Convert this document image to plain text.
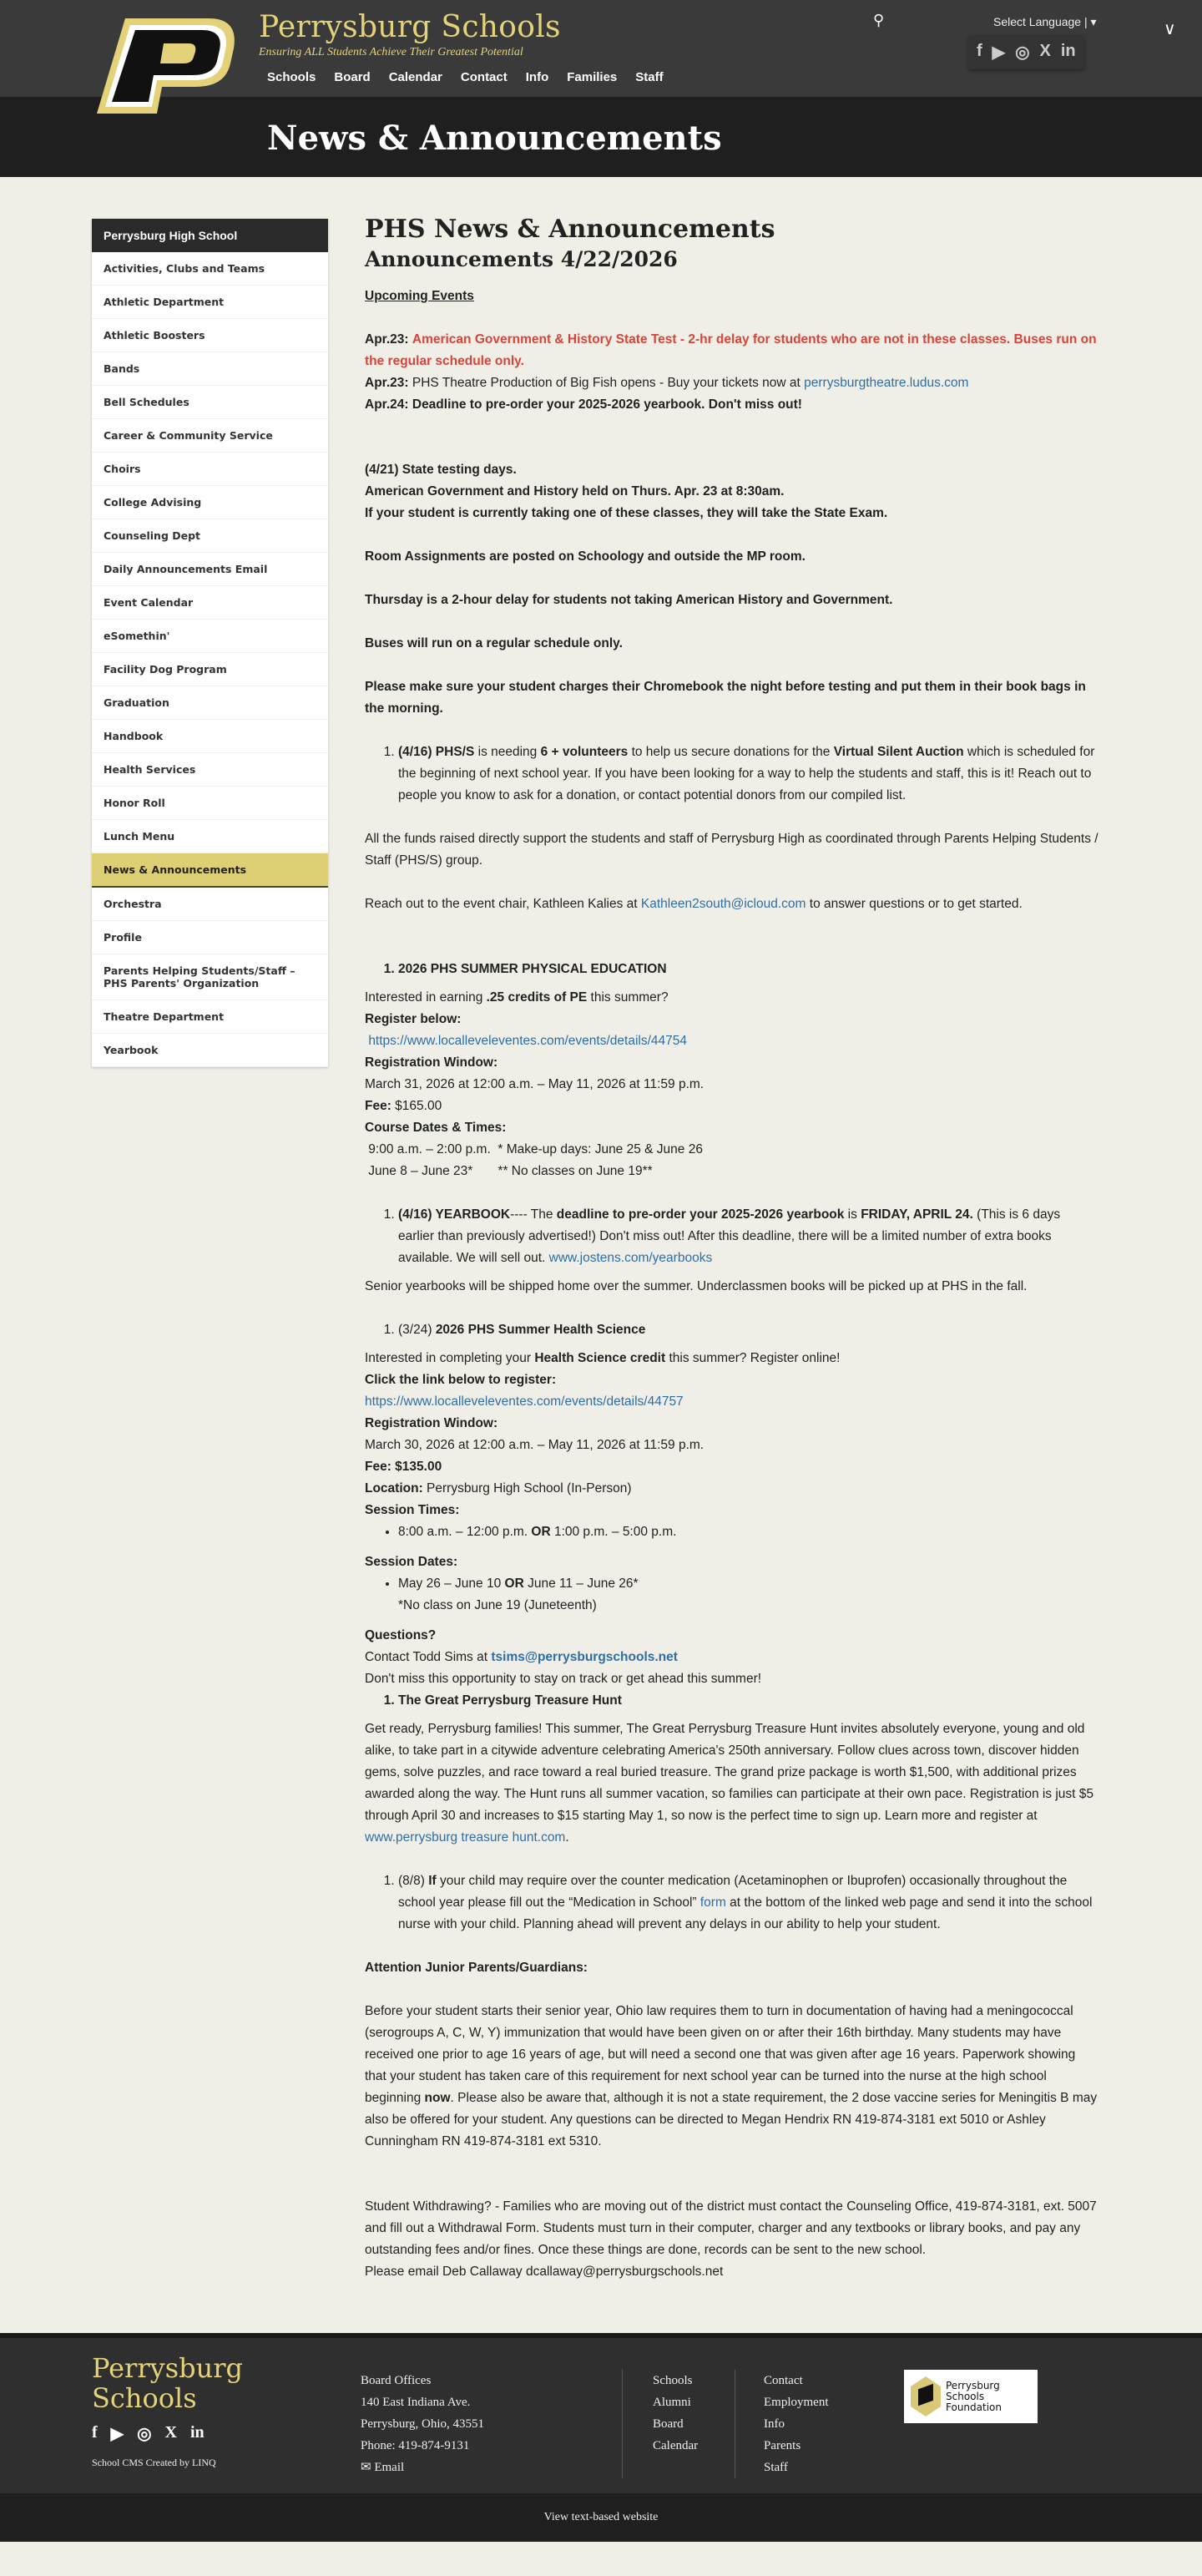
Perrysburg Schools
Ensuring ALL Students Achieve Their Greatest Potential
Schools Board Calendar Contact Info Families Staff
⚲	Select Language | ▾
f ▶ ◎ X in
∨
News & Announcements
Perrysburg High School
Activities, Clubs and Teams
Athletic Department
Athletic Boosters
Bands
Bell Schedules
Career & Community Service
Choirs
College Advising
Counseling Dept
Daily Announcements Email
Event Calendar
eSomethin'
Facility Dog Program
Graduation
Handbook
Health Services
Honor Roll
Lunch Menu
News & Announcements
Orchestra
Profile
Parents Helping Students/Staff – PHS Parents' Organization
Theatre Department
Yearbook
PHS News & Announcements
Announcements 4/22/2026

Upcoming Events

Apr.23: American Government & History State Test - 2-hr delay for students who are not in these classes. Buses run on the regular schedule only.

Apr.23: PHS Theatre Production of Big Fish opens - Buy your tickets now at perrysburgtheatre.ludus.com

Apr.24: Deadline to pre-order your 2025-2026 yearbook. Don't miss out!

(4/21) State testing days.

American Government and History held on Thurs. Apr. 23 at 8:30am.

If your student is currently taking one of these classes, they will take the State Exam.

Room Assignments are posted on Schoology and outside the MP room.

Thursday is a 2-hour delay for students not taking American History and Government.

Buses will run on a regular schedule only.

Please make sure your student charges their Chromebook the night before testing and put them in their book bags in the morning.

1. (4/16) PHS/S is needing 6 + volunteers to help us secure donations for the Virtual Silent Auction which is scheduled for the beginning of next school year. If you have been looking for a way to help the students and staff, this is it! Reach out to people you know to ask for a donation, or contact potential donors from our compiled list.

All the funds raised directly support the students and staff of Perrysburg High as coordinated through Parents Helping Students / Staff (PHS/S) group.

Reach out to the event chair, Kathleen Kalies at Kathleen2south@icloud.com to answer questions or to get started.

1. 2026 PHS SUMMER PHYSICAL EDUCATION

Interested in earning .25 credits of PE this summer?

Register below:

https://www.localleveleventes.com/events/details/44754

Registration Window:

March 31, 2026 at 12:00 a.m. – May 11, 2026 at 11:59 p.m.

Fee: $165.00

Course Dates & Times:

9:00 a.m. – 2:00 p.m.  * Make-up days: June 25 & June 26

June 8 – June 23*       ** No classes on June 19**

1. (4/16) YEARBOOK---- The deadline to pre-order your 2025-2026 yearbook is FRIDAY, APRIL 24. (This is 6 days earlier than previously advertised!) Don't miss out! After this deadline, there will be a limited number of extra books available. We will sell out. www.jostens.com/yearbooks

Senior yearbooks will be shipped home over the summer. Underclassmen books will be picked up at PHS in the fall.

1. (3/24) 2026 PHS Summer Health Science

Interested in completing your Health Science credit this summer? Register online!

Click the link below to register:

https://www.localleveleventes.com/events/details/44757

Registration Window:

March 30, 2026 at 12:00 a.m. – May 11, 2026 at 11:59 p.m.

Fee: $135.00

Location: Perrysburg High School (In-Person)

Session Times:

• 8:00 a.m. – 12:00 p.m. OR 1:00 p.m. – 5:00 p.m.

Session Dates:

• May 26 – June 10 OR June 11 – June 26*

*No class on June 19 (Juneteenth)

Questions?

Contact Todd Sims at tsims@perrysburgschools.net

Don't miss this opportunity to stay on track or get ahead this summer!

1. The Great Perrysburg Treasure Hunt

Get ready, Perrysburg families! This summer, The Great Perrysburg Treasure Hunt invites absolutely everyone, young and old alike, to take part in a citywide adventure celebrating America's 250th anniversary. Follow clues across town, discover hidden gems, solve puzzles, and race toward a real buried treasure. The grand prize package is worth $1,500, with additional prizes awarded along the way. The Hunt runs all summer vacation, so families can participate at their own pace. Registration is just $5 through April 30 and increases to $15 starting May 1, so now is the perfect time to sign up. Learn more and register at www.perrysburg treasure hunt.com.

1. (8/8) If your child may require over the counter medication (Acetaminophen or Ibuprofen) occasionally throughout the school year please fill out the “Medication in School” form at the bottom of the linked web page and send it into the school nurse with your child. Planning ahead will prevent any delays in our ability to help your student.

Attention Junior Parents/Guardians:

Before your student starts their senior year, Ohio law requires them to turn in documentation of having had a meningococcal (serogroups A, C, W, Y) immunization that would have been given on or after their 16th birthday. Many students may have received one prior to age 16 years of age, but will need a second one that was given after age 16 years. Paperwork showing that your student has taken care of this requirement for next school year can be turned into the nurse at the high school beginning now. Please also be aware that, although it is not a state requirement, the 2 dose vaccine series for Meningitis B may also be offered for your student. Any questions can be directed to Megan Hendrix RN 419-874-3181 ext 5010 or Ashley Cunningham RN 419-874-3181 ext 5310.

Student Withdrawing? - Families who are moving out of the district must contact the Counseling Office, 419-874-3181, ext. 5007 and fill out a Withdrawal Form. Students must turn in their computer, charger and any textbooks or library books, and pay any outstanding fees and/or fines. Once these things are done, records can be sent to the new school.

Please email Deb Callaway dcallaway@perrysburgschools.net

Perrysburg Schools
f ▶ ◎ X in
School CMS Created by LINQ
Board Offices
140 East Indiana Ave.
Perrysburg, Ohio, 43551
Phone: 419-874-9131
✉ Email
Schools
Alumni
Board
Calendar
Contact
Employment
Info
Parents
Staff
Perrysburg
Schools
Foundation
View text-based website
